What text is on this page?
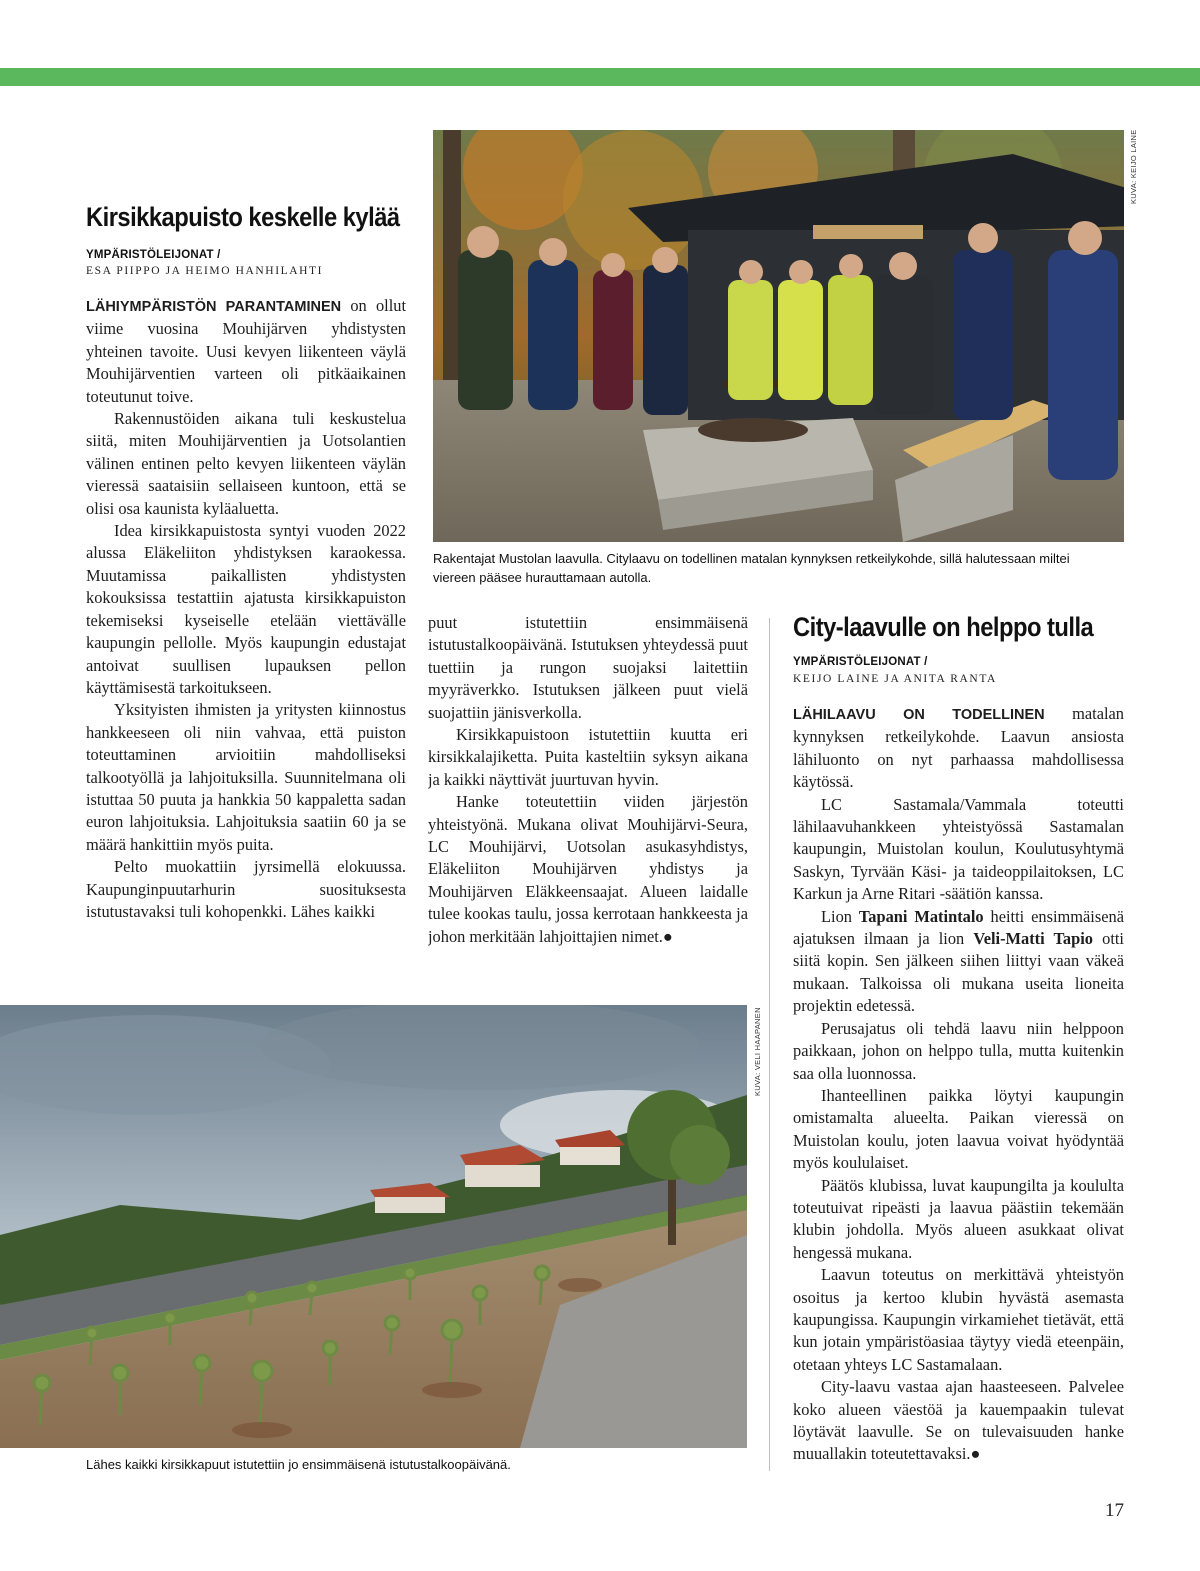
KUVA: KEIJO LAINE
Rakentajat Mustolan laavulla. Citylaavu on todellinen matalan kynnyksen retkeilykohde, sillä halutessaan miltei viereen pääsee hurauttamaan autolla.
Kirsikkapuisto keskelle kylää
YMPÄRISTÖLEIJONAT /
ESA PIIPPO JA HEIMO HANHILAHTI

LÄHIYMPÄRISTÖN PARANTAMINEN on ollut viime vuosina Mouhijärven yhdistysten yhteinen tavoite. Uusi kevyen liikenteen väylä Mouhijärventien varteen oli pitkäaikainen toteutunut toive.

Rakennustöiden aikana tuli keskustelua siitä, miten Mouhijärventien ja Uotsolantien välinen entinen pelto kevyen liikenteen väylän vieressä saataisiin sellaiseen kuntoon, että se olisi osa kaunista kyläaluetta.

Idea kirsikkapuistosta syntyi vuoden 2022 alussa Eläkeliiton yhdistyksen karaokessa. Muutamissa paikallisten yhdistysten kokouksissa testattiin ajatusta kirsikkapuiston tekemiseksi kyseiselle etelään viettävälle kaupungin pellolle. Myös kaupungin edustajat antoivat suullisen lupauksen pellon käyttämisestä tarkoitukseen.

Yksityisten ihmisten ja yritysten kiinnostus hankkeeseen oli niin vahvaa, että puiston toteuttaminen arvioitiin mahdolliseksi talkootyöllä ja lahjoituksilla. Suunnitelmana oli istuttaa 50 puuta ja hankkia 50 kappaletta sadan euron lahjoituksia. Lahjoituksia saatiin 60 ja se määrä hankittiin myös puita.

Pelto muokattiin jyrsimellä elokuussa. Kaupunginpuutarhurin suosituksesta istutustavaksi tuli kohopenkki. Lähes kaikki

puut istutettiin ensimmäisenä istutustalkoopäivänä. Istutuksen yhteydessä puut tuettiin ja rungon suojaksi laitettiin myyräverkko. Istutuksen jälkeen puut vielä suojattiin jänisverkolla.

Kirsikkapuistoon istutettiin kuutta eri kirsikkalajiketta. Puita kasteltiin syksyn aikana ja kaikki näyttivät juurtuvan hyvin.

Hanke toteutettiin viiden järjestön yhteistyönä. Mukana olivat Mouhijärvi-Seura, LC Mouhijärvi, Uotsolan asukasyhdistys, Eläkeliiton Mouhijärven yhdistys ja Mouhijärven Eläkkeensaajat. Alueen laidalle tulee kookas taulu, jossa kerrotaan hankkeesta ja johon merkitään lahjoittajien nimet.●

KUVA: VELI HAAPANEN
Lähes kaikki kirsikkapuut istutettiin jo ensimmäisenä istutustalkoopäivänä.
City-laavulle on helppo tulla
YMPÄRISTÖLEIJONAT /
KEIJO LAINE JA ANITA RANTA

LÄHILAAVU ON TODELLINEN matalan kynnyksen retkeilykohde. Laavun ansiosta lähiluonto on nyt parhaassa mahdollisessa käytössä.

LC Sastamala/Vammala toteutti lähilaavuhankkeen yhteistyössä Sastamalan kaupungin, Muistolan koulun, Koulutusyhtymä Saskyn, Tyrvään Käsi- ja taideoppilaitoksen, LC Karkun ja Arne Ritari -säätiön kanssa.

Lion Tapani Matintalo heitti ensimmäisenä ajatuksen ilmaan ja lion Veli-Matti Tapio otti siitä kopin. Sen jälkeen siihen liittyi vaan väkeä mukaan. Talkoissa oli mukana useita lioneita projektin edetessä.

Perusajatus oli tehdä laavu niin helppoon paikkaan, johon on helppo tulla, mutta kuitenkin saa olla luonnossa.

Ihanteellinen paikka löytyi kaupungin omistamalta alueelta. Paikan vieressä on Muistolan koulu, joten laavua voivat hyödyntää myös koululaiset.

Päätös klubissa, luvat kaupungilta ja koululta toteutuivat ripeästi ja laavua päästiin tekemään klubin johdolla. Myös alueen asukkaat olivat hengessä mukana.

Laavun toteutus on merkittävä yhteistyön osoitus ja kertoo klubin hyvästä asemasta kaupungissa. Kaupungin virkamiehet tietävät, että kun jotain ympäristöasiaa täytyy viedä eteenpäin, otetaan yhteys LC Sastamalaan.

City-laavu vastaa ajan haasteeseen. Palvelee koko alueen väestöä ja kauempaakin tulevat löytävät laavulle. Se on tulevaisuuden hanke muuallakin toteutettavaksi.●

17
